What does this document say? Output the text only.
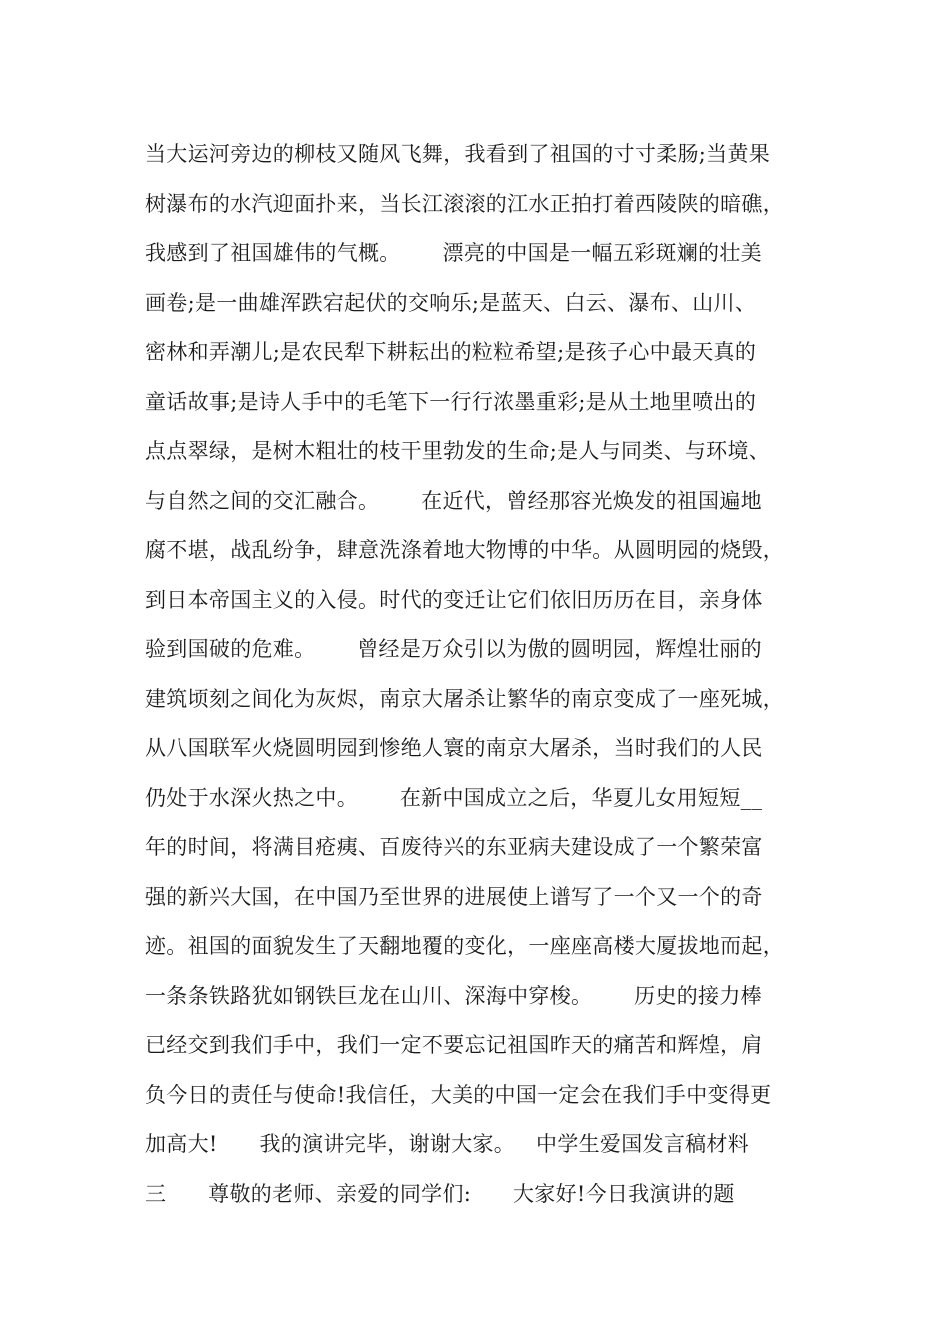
当大运河旁边的柳枝又随风飞舞，我看到了祖国的寸寸柔肠;当黄果
树瀑布的水汽迎面扑来，当长江滚滚的江水正拍打着西陵陕的暗礁，
我感到了祖国雄伟的气概。      漂亮的中国是一幅五彩斑斓的壮美
画卷;是一曲雄浑跌宕起伏的交响乐;是蓝天、白云、瀑布、山川、
密林和弄潮儿;是农民犁下耕耘出的粒粒希望;是孩子心中最天真的
童话故事;是诗人手中的毛笔下一行行浓墨重彩;是从土地里喷出的
点点翠绿，是树木粗壮的枝干里勃发的生命;是人与同类、与环境、
与自然之间的交汇融合。      在近代，曾经那容光焕发的祖国遍地
腐不堪，战乱纷争，肆意洗涤着地大物博的中华。从圆明园的烧毁，
到日本帝国主义的入侵。时代的变迁让它们依旧历历在目，亲身体
验到国破的危难。      曾经是万众引以为傲的圆明园，辉煌壮丽的
建筑顷刻之间化为灰烬，南京大屠杀让繁华的南京变成了一座死城，
从八国联军火烧圆明园到惨绝人寰的南京大屠杀，当时我们的人民
仍处于水深火热之中。      在新中国成立之后，华夏儿女用短短__
年的时间，将满目疮痍、百废待兴的东亚病夫建设成了一个繁荣富
强的新兴大国，在中国乃至世界的进展使上谱写了一个又一个的奇
迹。祖国的面貌发生了天翻地覆的变化，一座座高楼大厦拔地而起，
一条条铁路犹如钢铁巨龙在山川、深海中穿梭。      历史的接力棒
已经交到我们手中，我们一定不要忘记祖国昨天的痛苦和辉煌，肩
负今日的责任与使命!我信任，大美的中国一定会在我们手中变得更
加高大!      我的演讲完毕，谢谢大家。   中学生爱国发言稿材料
三      尊敬的老师、亲爱的同学们:      大家好!今日我演讲的题
